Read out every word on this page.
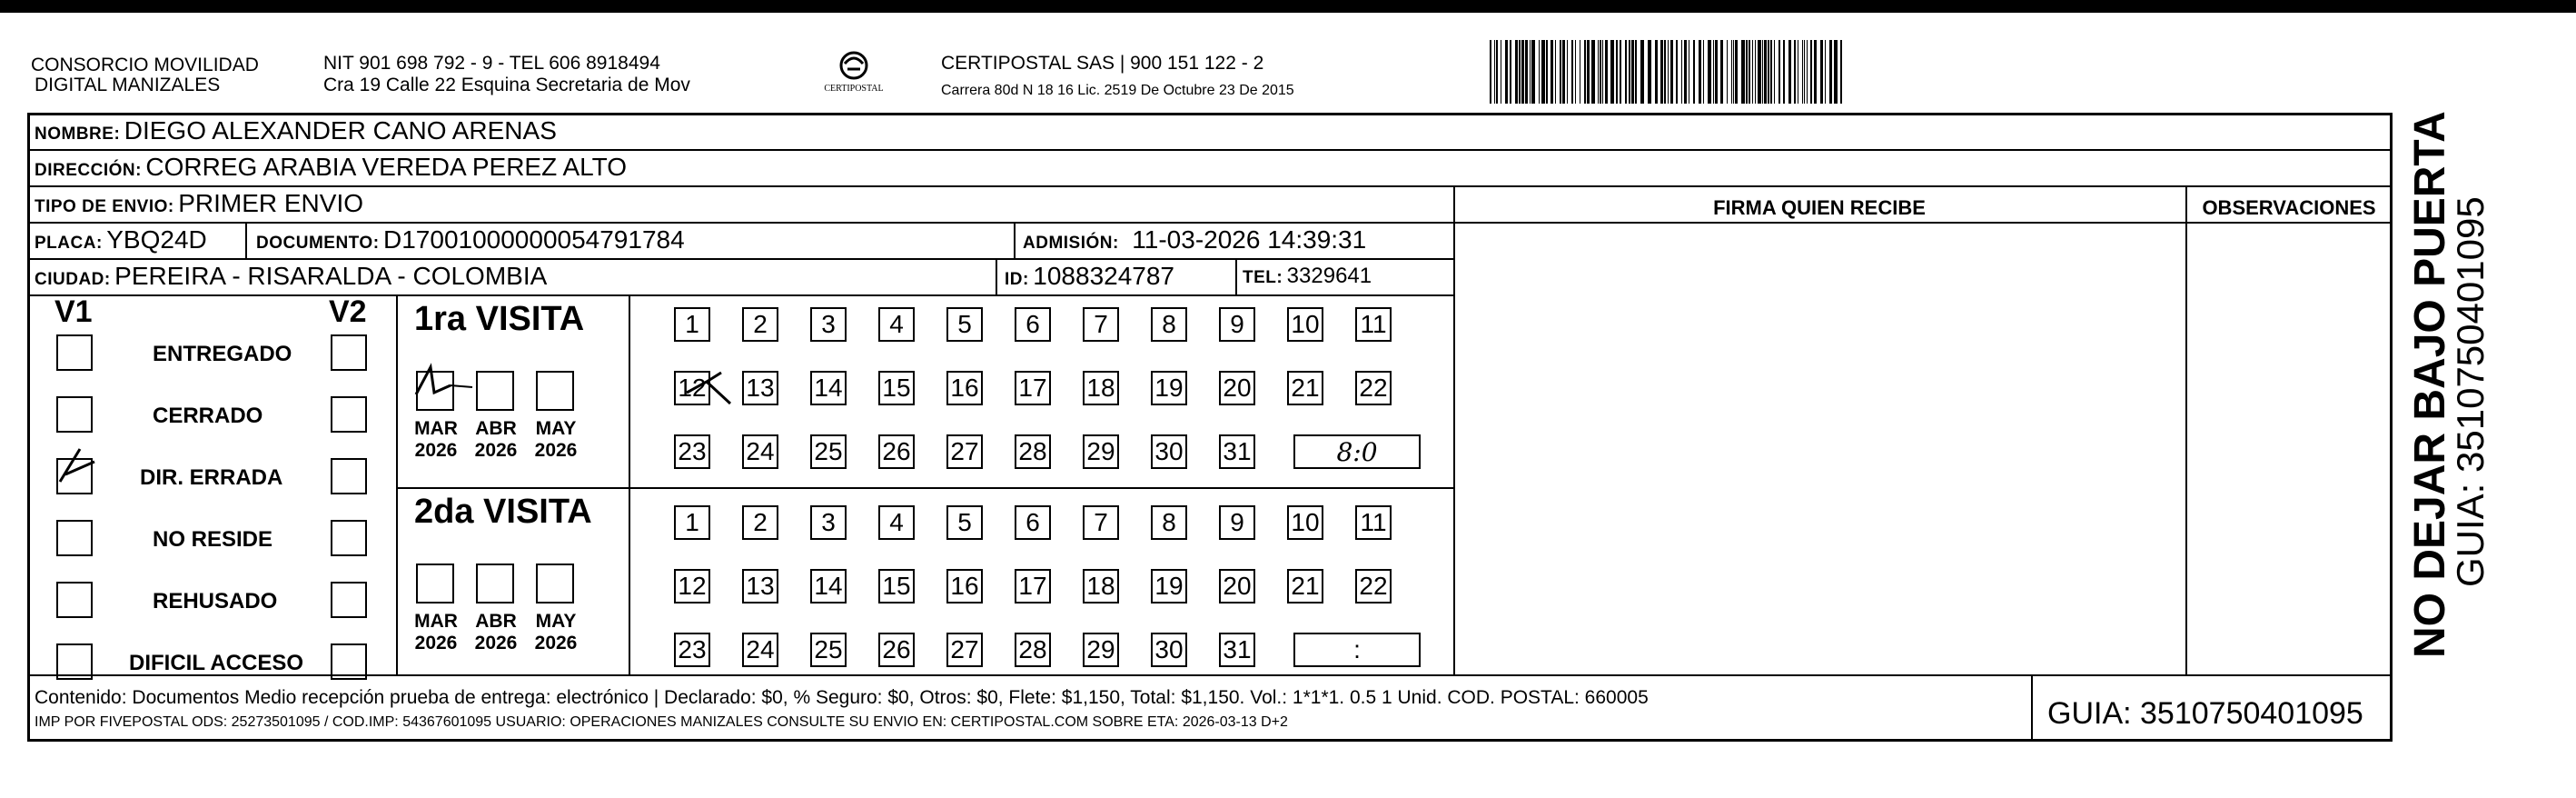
CONSORCIO MOVILIDAD
DIGITAL MANIZALES
NIT 901 698 792 - 9 - TEL 606 8918494
Cra 19 Calle 22 Esquina Secretaria de Mov	CERTIPOSTAL
CERTIPOSTAL SAS | 900 151 122 - 2
Carrera 80d N 18 16 Lic. 2519 De Octubre 23 De 2015
NOMBRE: DIEGO ALEXANDER CANO ARENAS
DIRECCIÓN: CORREG ARABIA VEREDA PEREZ ALTO
TIPO DE ENVIO: PRIMER ENVIO
PLACA: YBQ24D	DOCUMENTO: D17001000000054791784	ADMISIÓN: 11-03-2026 14:39:31
CIUDAD: PEREIRA - RISARALDA - COLOMBIA	ID: 1088324787	TEL: 3329641
FIRMA QUIEN RECIBE	OBSERVACIONES
V1	V2 1ra VISITA
2da VISITA
Contenido: Documentos Medio recepción prueba de entrega: electrónico | Declarado: $0, % Seguro: $0, Otros: $0, Flete: $1,150, Total: $1,150. Vol.: 1*1*1. 0.5 1 Unid. COD. POSTAL: 660005
IMP POR FIVEPOSTAL ODS: 25273501095 / COD.IMP: 54367601095 USUARIO: OPERACIONES MANIZALES CONSULTE SU ENVIO EN: CERTIPOSTAL.COM SOBRE ETA: 2026-03-13 D+2	GUIA: 3510750401095
NO DEJAR BAJO PUERTA
GUIA: 3510750401095
ENTREGADO
CERRADO
DIR. ERRADA
NO RESIDE
REHUSADO
DIFICIL ACCESO
MAR
2026
ABR
2026
MAY
2026
MAR
2026
ABR
2026
MAY
2026
1	2	3	4	5	6	7	8	9	10 11
12 13 14 15 16 17 18 19 20 21 22
23 24 25 26 27 28 29 30 31	8:0
1	2	3	4	5	6	7	8	9	10 11
12 13 14 15 16 17 18 19 20 21 22
23 24 25 26 27 28 29 30 31	:
